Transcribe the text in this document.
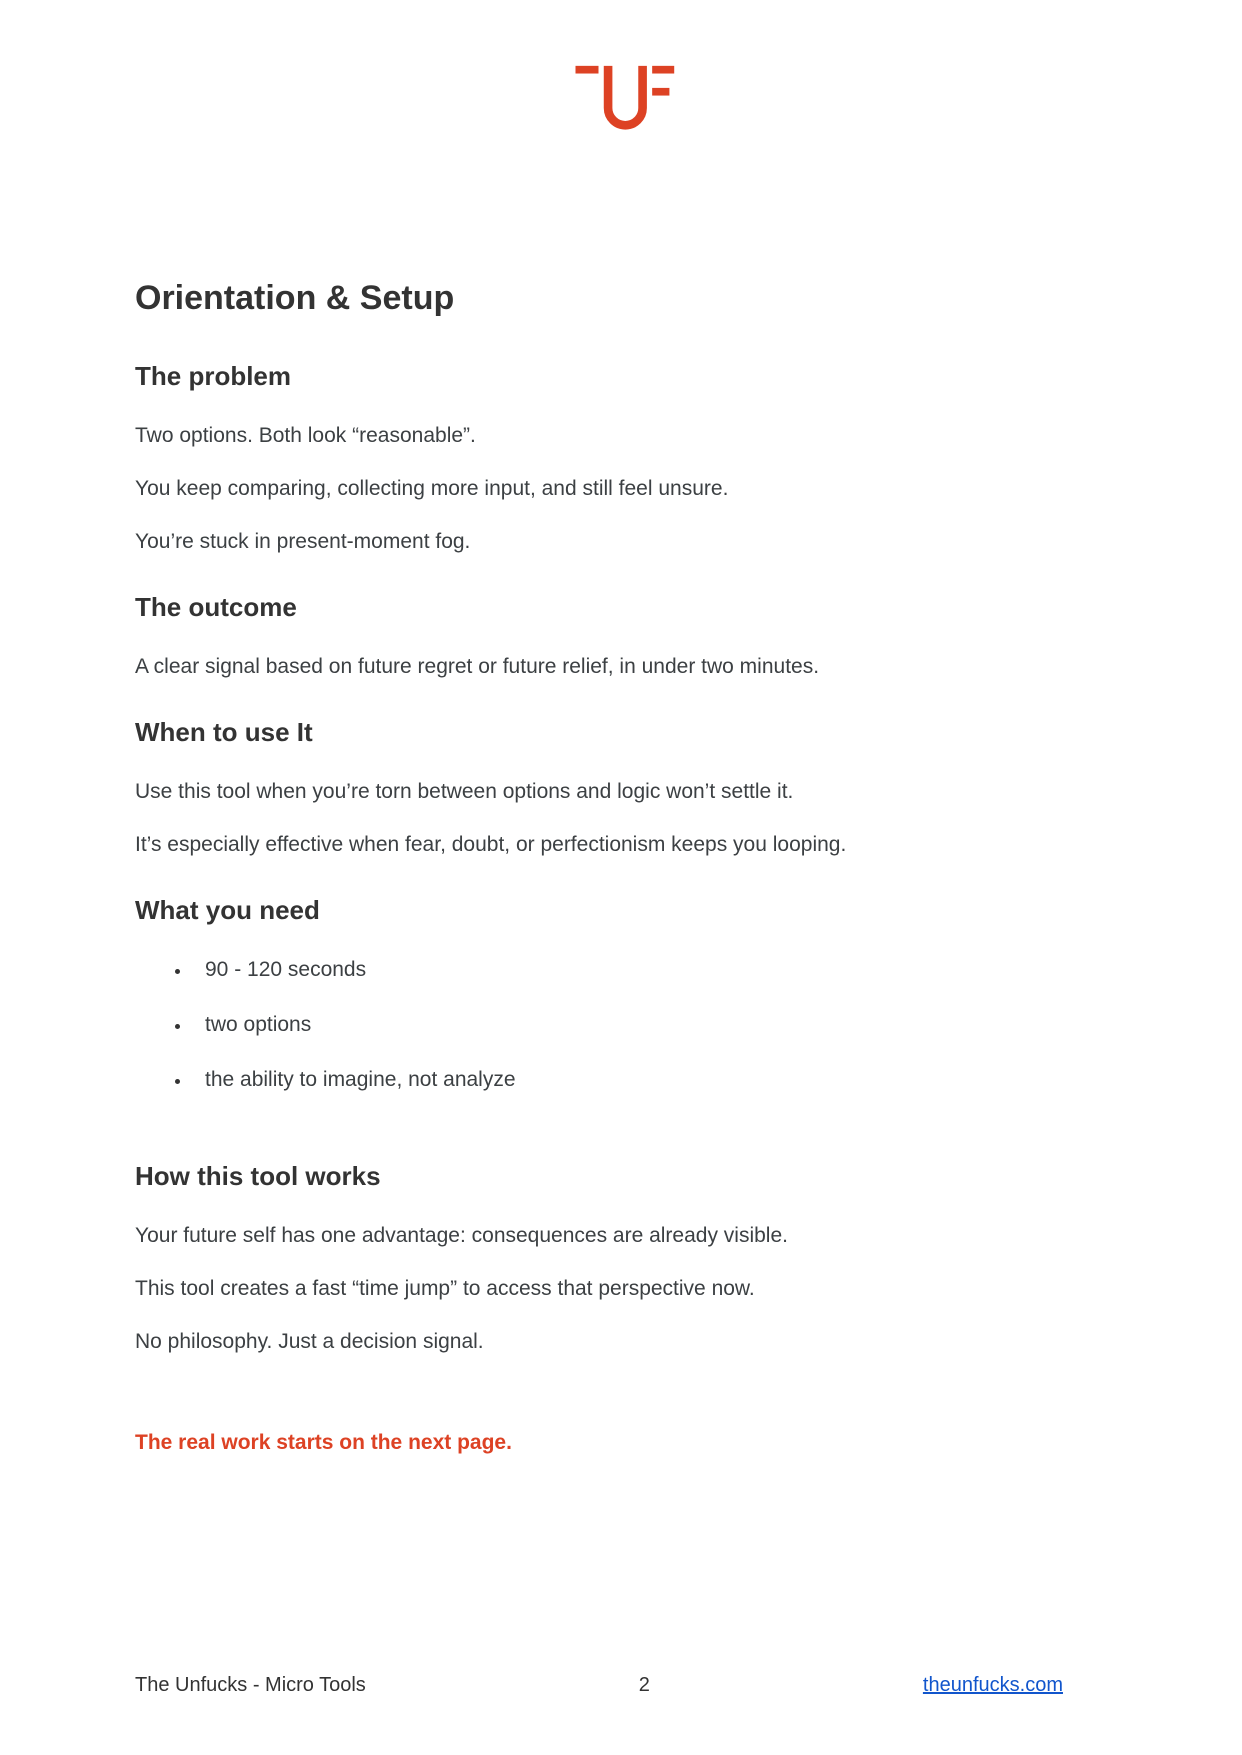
Orientation & Setup
The problem

Two options. Both look “reasonable”.

You keep comparing, collecting more input, and still feel unsure.

You’re stuck in present-moment fog.

The outcome

A clear signal based on future regret or future relief, in under two minutes.

When to use It

Use this tool when you’re torn between options and logic won’t settle it.

It’s especially effective when fear, doubt, or perfectionism keeps you looping.

What you need
• 90 - 120 seconds
• two options
• the ability to imagine, not analyze
How this tool works

Your future self has one advantage: consequences are already visible.

This tool creates a fast “time jump” to access that perspective now.

No philosophy. Just a decision signal.

The real work starts on the next page.

The Unfucks - Micro Tools	2	theunfucks.com
